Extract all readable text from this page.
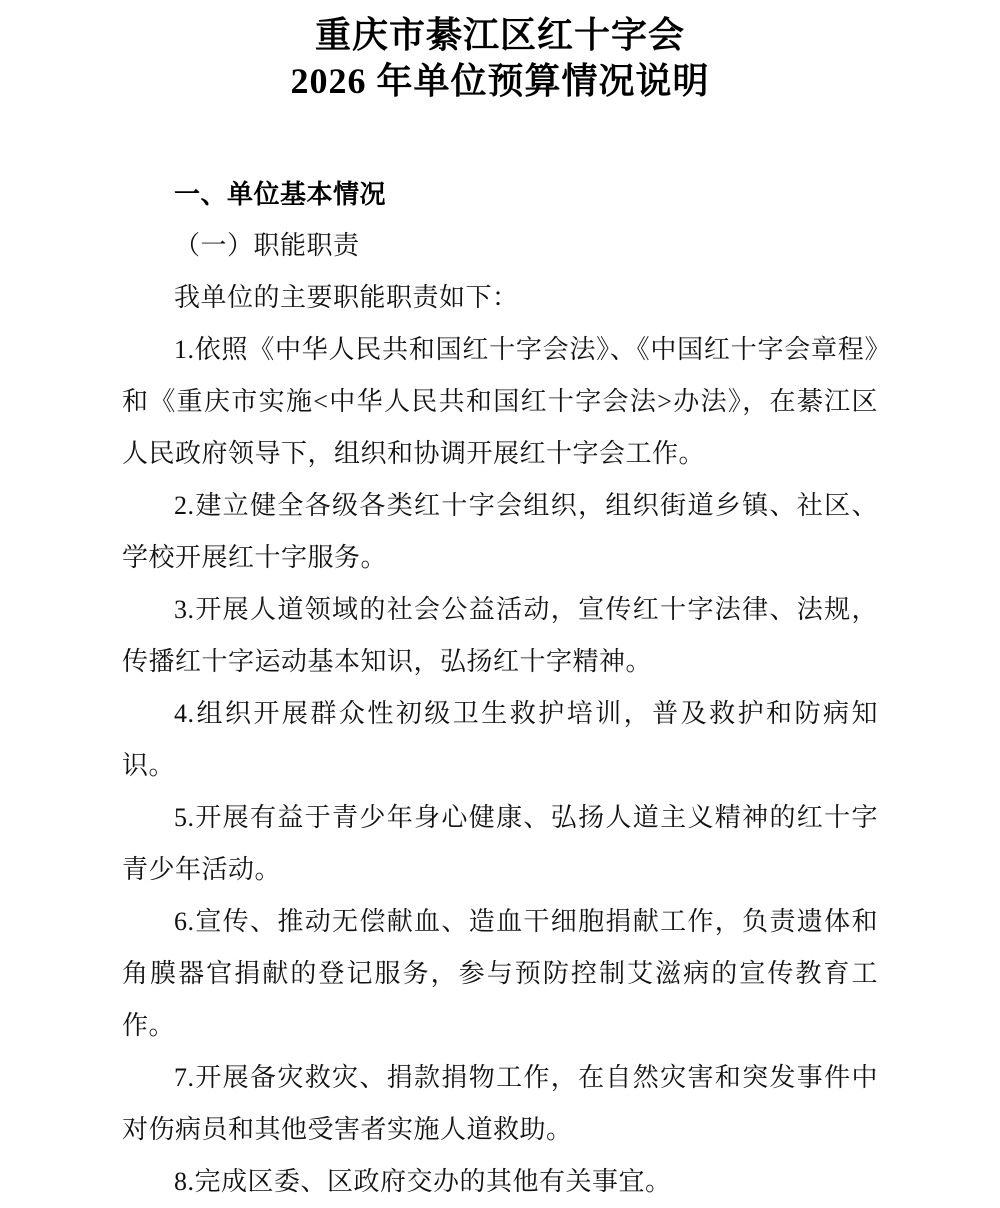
重庆市綦江区红十字会
2026 年单位预算情况说明
一、单位基本情况
（一）职能职责

我单位的主要职能职责如下：

1.依照《中华人民共和国红十字会法》、《中国红十字会章程》和《重庆市实施<中华人民共和国红十字会法>办法》，在綦江区人民政府领导下，组织和协调开展红十字会工作。

2.建立健全各级各类红十字会组织，组织街道乡镇、社区、学校开展红十字服务。

3.开展人道领域的社会公益活动，宣传红十字法律、法规，传播红十字运动基本知识，弘扬红十字精神。

4.组织开展群众性初级卫生救护培训，普及救护和防病知识。

5.开展有益于青少年身心健康、弘扬人道主义精神的红十字青少年活动。

6.宣传、推动无偿献血、造血干细胞捐献工作，负责遗体和角膜器官捐献的登记服务，参与预防控制艾滋病的宣传教育工作。

7.开展备灾救灾、捐款捐物工作，在自然灾害和突发事件中对伤病员和其他受害者实施人道救助。

8.完成区委、区政府交办的其他有关事宜。
